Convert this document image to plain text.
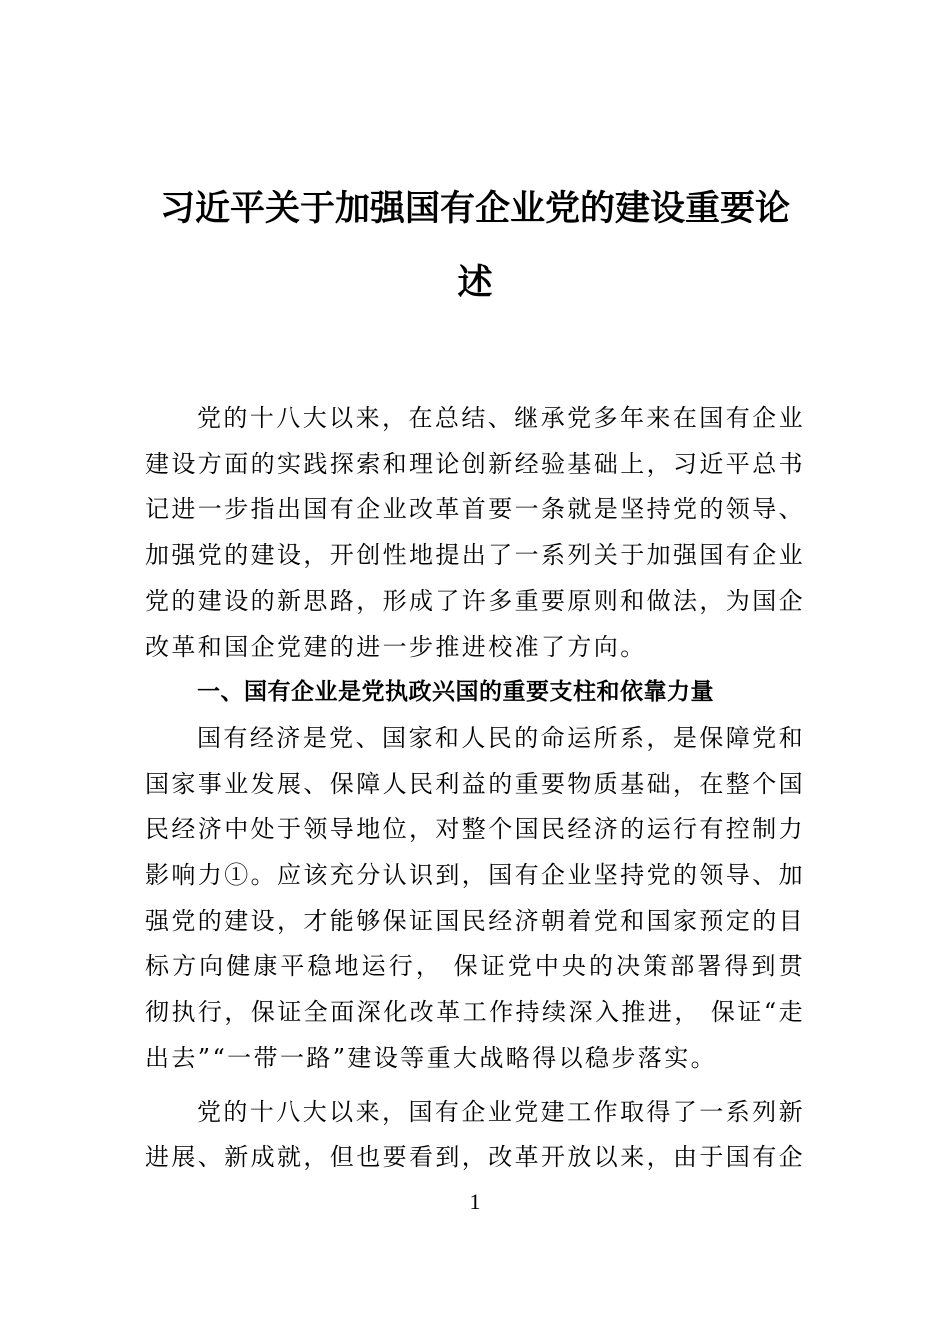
习近平关于加强国有企业党的建设重要论述

党的十八大以来，在总结、继承党多年来在国有企业建设方面的实践探索和理论创新经验基础上，习近平总书记进一步指出国有企业改革首要一条就是坚持党的领导、加强党的建设，开创性地提出了一系列关于加强国有企业党的建设的新思路，形成了许多重要原则和做法，为国企改革和国企党建的进一步推进校准了方向。

一、国有企业是党执政兴国的重要支柱和依靠力量

国有经济是党、国家和人民的命运所系，是保障党和国家事业发展、保障人民利益的重要物质基础，在整个国民经济中处于领导地位，对整个国民经济的运行有控制力影响力①。应该充分认识到，国有企业坚持党的领导、加强党的建设，才能够保证国民经济朝着党和国家预定的目标方向健康平稳地运行， 保证党中央的决策部署得到贯彻执行，保证全面深化改革工作持续深入推进， 保证“走出去”“一带一路”建设等重大战略得以稳步落实。

党的十八大以来，国有企业党建工作取得了一系列新进展、新成就，但也要看到，改革开放以来，由于国有企

1
